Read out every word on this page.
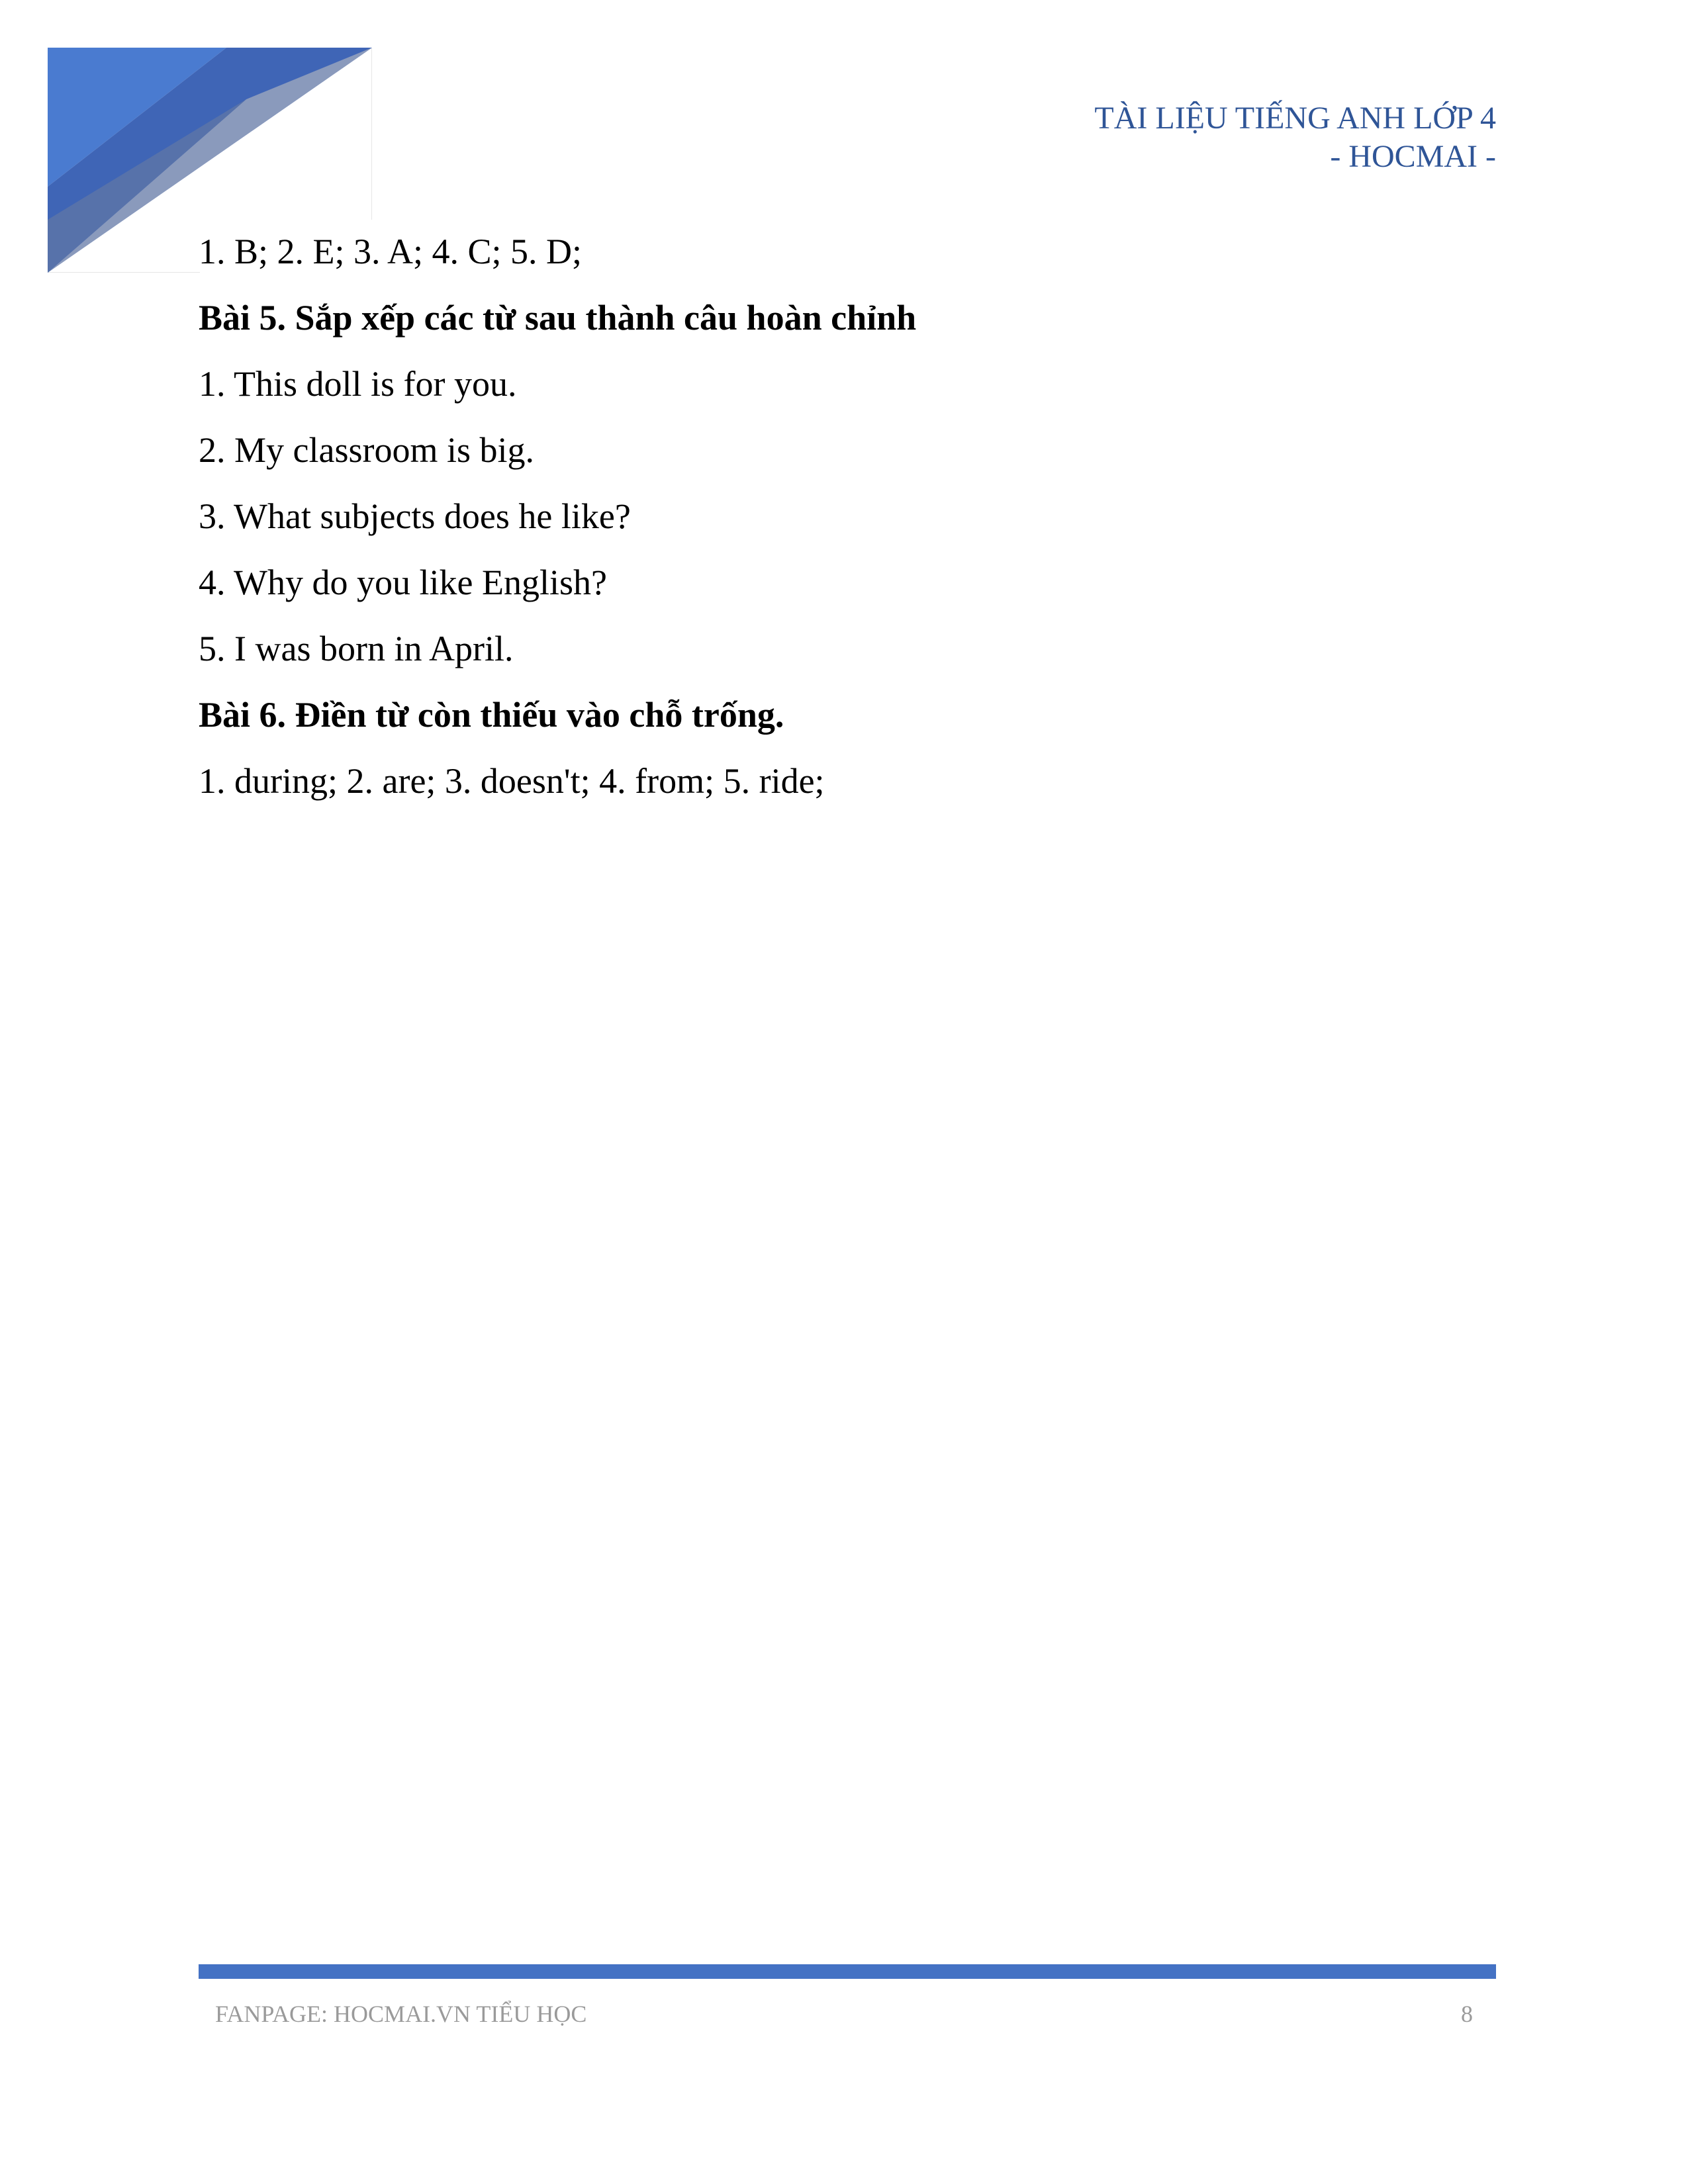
TÀI LIỆU TIẾNG ANH LỚP 4
- HOCMAI -
1. B; 2. E; 3. A; 4. C; 5. D;
Bài 5. Sắp xếp các từ sau thành câu hoàn chỉnh
1. This doll is for you.
2. My classroom is big.
3. What subjects does he like?
4. Why do you like English?
5. I was born in April.
Bài 6. Điền từ còn thiếu vào chỗ trống.
1. during; 2. are; 3. doesn't; 4. from; 5. ride;
FANPAGE: HOCMAI.VN TIỂU HỌC	8
